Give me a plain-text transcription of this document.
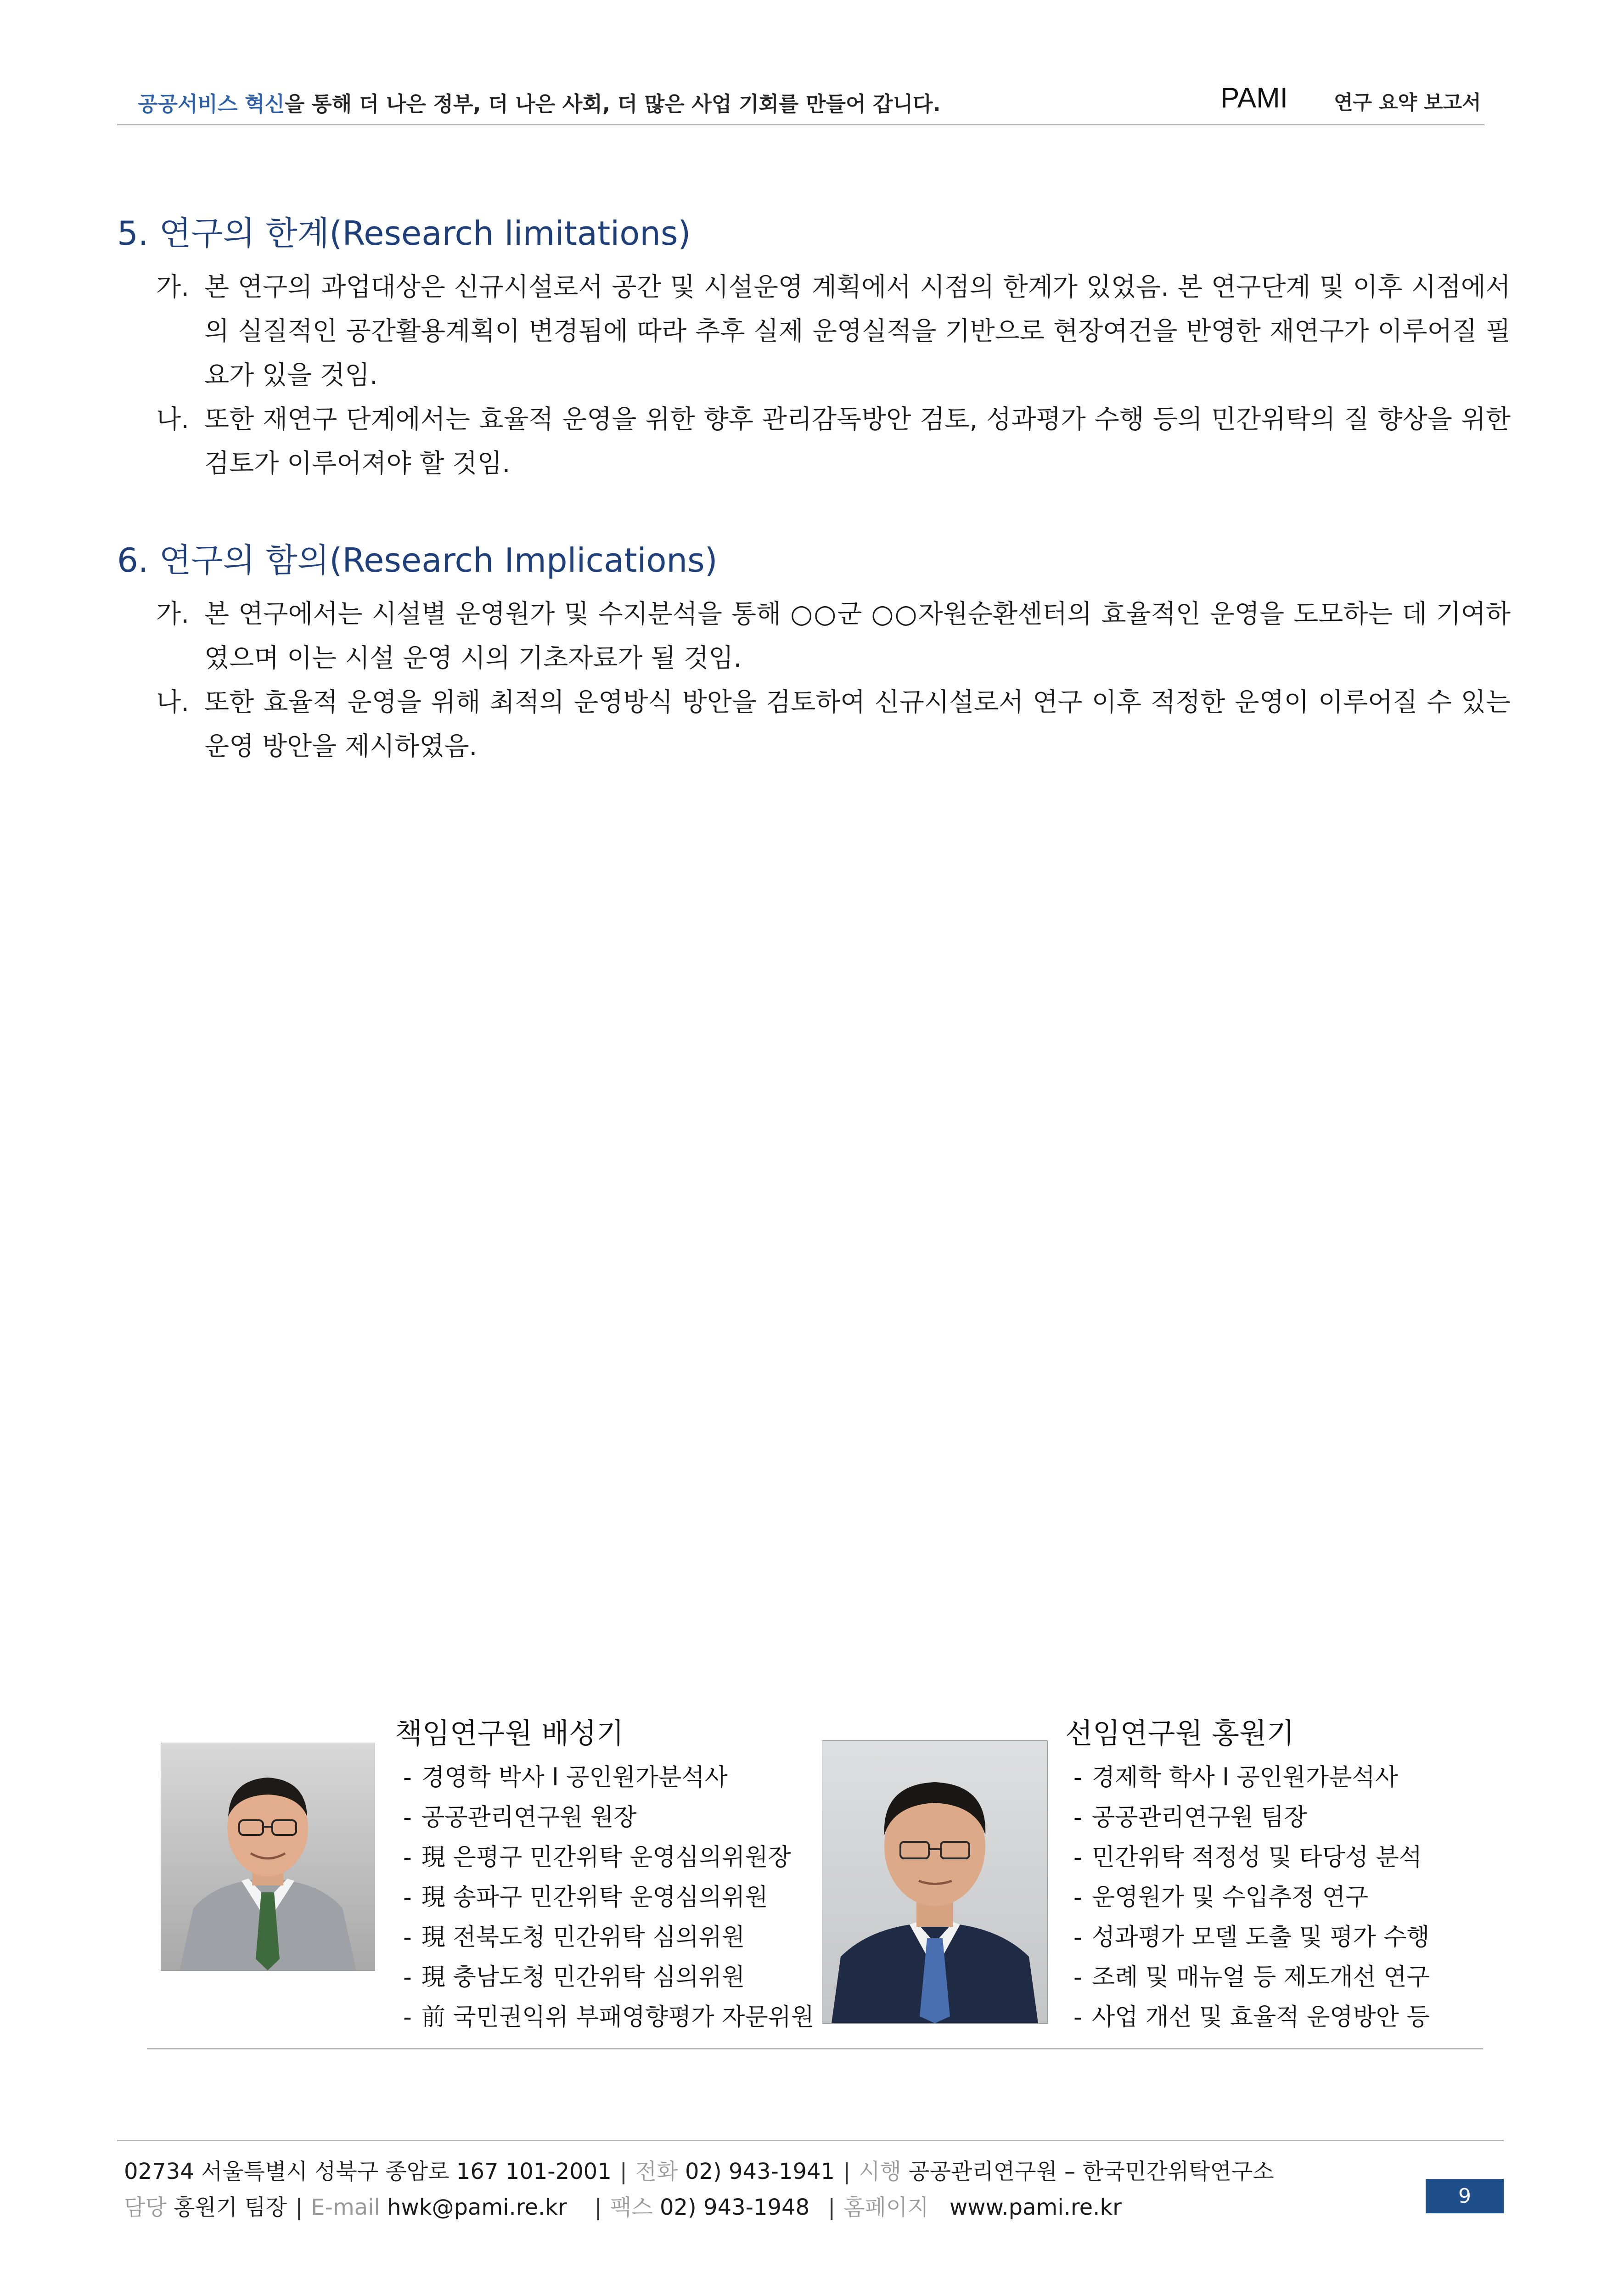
공공서비스 혁신을 통해 더 나은 정부, 더 나은 사회, 더 많은 사업 기회를 만들어 갑니다.	PAMI 연구 요약 보고서
5. 연구의 한계(Research limitations)
가. 본 연구의 과업대상은 신규시설로서 공간 및 시설운영 계획에서 시점의 한계가 있었음. 본 연구단계 및 이후 시점에서의 실질적인 공간활용계획이 변경됨에 따라 추후 실제 운영실적을 기반으로 현장여건을 반영한 재연구가 이루어질 필요가 있을 것임.
나. 또한 재연구 단계에서는 효율적 운영을 위한 향후 관리감독방안 검토, 성과평가 수행 등의 민간위탁의 질 향상을 위한 검토가 이루어져야 할 것임.
6. 연구의 함의(Research Implications)
가. 본 연구에서는 시설별 운영원가 및 수지분석을 통해 ○○군 ○○자원순환센터의 효율적인 운영을 도모하는 데 기여하였으며 이는 시설 운영 시의 기초자료가 될 것임.
나. 또한 효율적 운영을 위해 최적의 운영방식 방안을 검토하여 신규시설로서 연구 이후 적정한 운영이 이루어질 수 있는 운영 방안을 제시하였음.
책임연구원 배성기
- 경영학 박사 l 공인원가분석사
- 공공관리연구원 원장
- 現 은평구 민간위탁 운영심의위원장
- 現 송파구 민간위탁 운영심의위원
- 現 전북도청 민간위탁 심의위원
- 現 충남도청 민간위탁 심의위원
- 前 국민권익위 부패영향평가 자문위원
선임연구원 홍원기
- 경제학 학사 l 공인원가분석사
- 공공관리연구원 팀장
- 민간위탁 적정성 및 타당성 분석
- 운영원가 및 수입추정 연구
- 성과평가 모델 도출 및 평가 수행
- 조례 및 매뉴얼 등 제도개선 연구
- 사업 개선 및 효율적 운영방안 등
02734 서울특별시 성북구 종암로 167 101-2001 | 전화 02) 943-1941 | 시행 공공관리연구원 – 한국민간위탁연구소
담당 홍원기 팀장 | E-mail hwk@pami.re.kr | 팩스 02) 943-1948 | 홈페이지 www.pami.re.kr	9
